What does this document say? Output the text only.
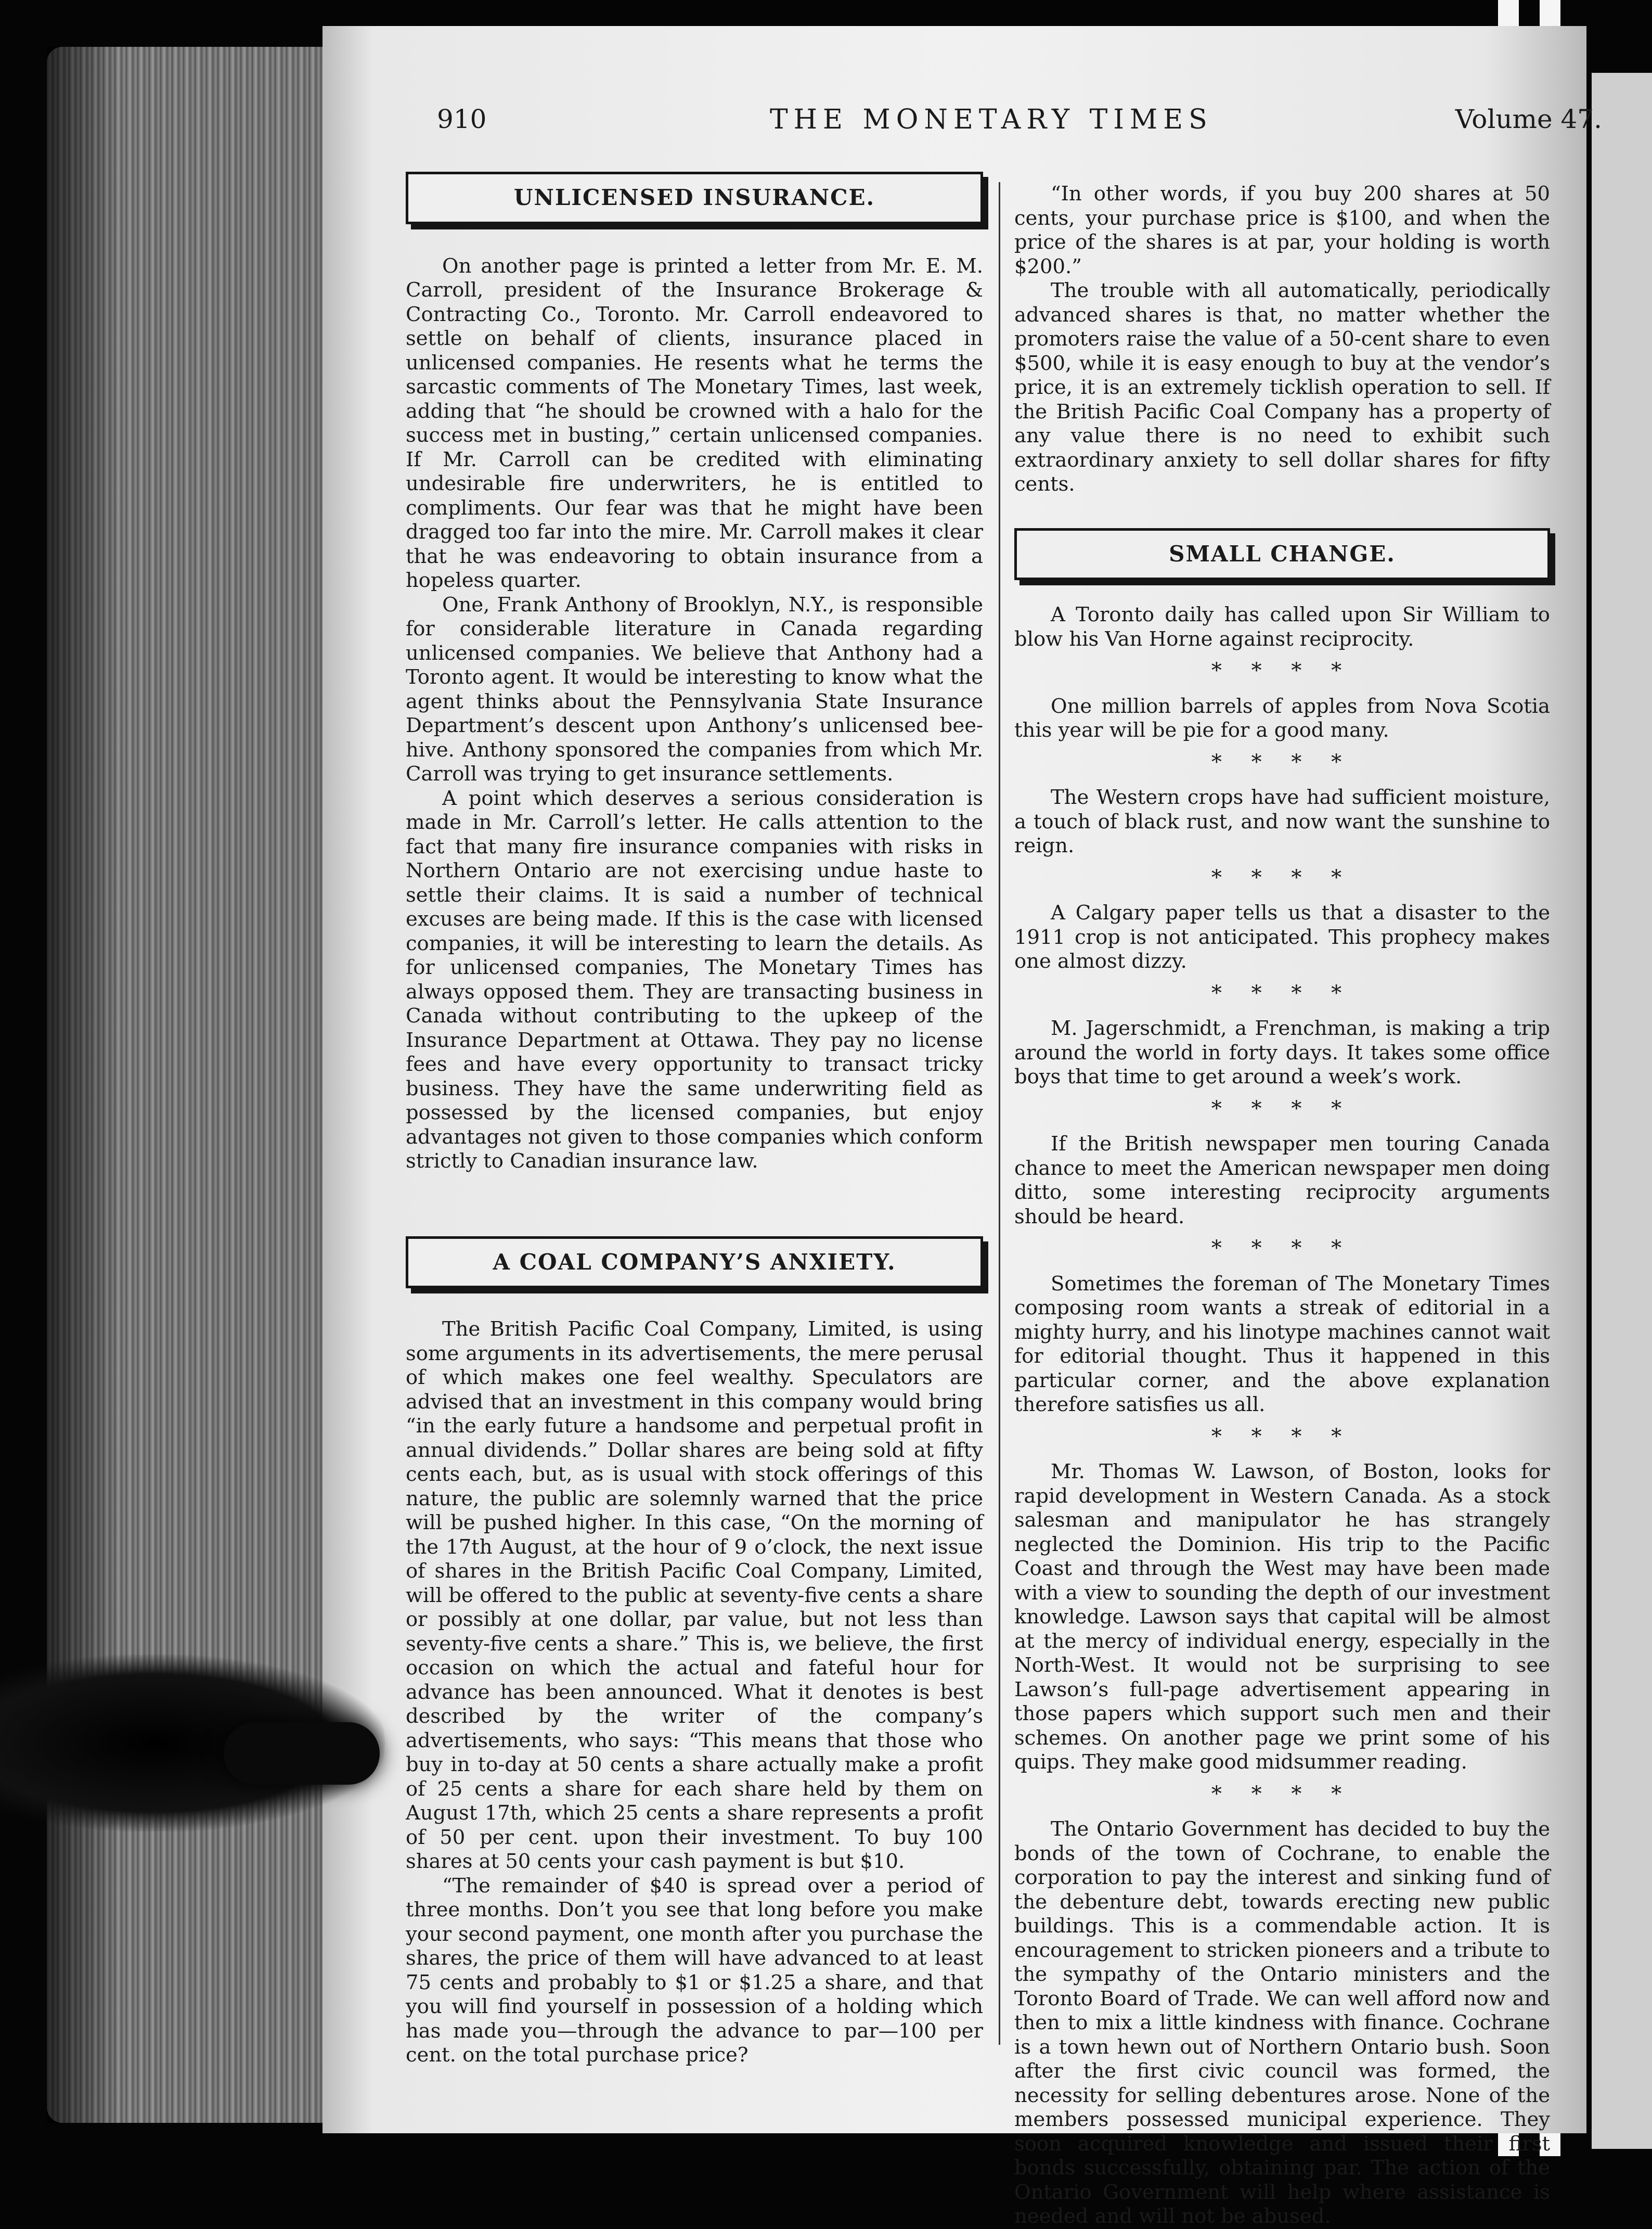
910	THE MONETARY TIMES	Volume 47.
UNLICENSED INSURANCE.

On another page is printed a letter from Mr. E. M. Carroll, president of the Insurance Brokerage & Contracting Co., Toronto. Mr. Carroll endeavored to settle on behalf of clients, insurance placed in unlicensed companies. He resents what he terms the sarcastic comments of The Monetary Times, last week, adding that “he should be crowned with a halo for the success met in busting,” certain unlicensed companies. If Mr. Carroll can be credited with eliminating undesirable fire underwriters, he is entitled to compliments. Our fear was that he might have been dragged too far into the mire. Mr. Carroll makes it clear that he was endeavoring to obtain insurance from a hopeless quarter.

One, Frank Anthony of Brooklyn, N.Y., is responsible for considerable literature in Canada regarding unlicensed companies. We believe that Anthony had a Toronto agent. It would be interesting to know what the agent thinks about the Pennsylvania State Insurance Department’s descent upon Anthony’s unlicensed bee-hive. Anthony sponsored the companies from which Mr. Carroll was trying to get insurance settlements.

A point which deserves a serious consideration is made in Mr. Carroll’s letter. He calls attention to the fact that many fire insurance companies with risks in Northern Ontario are not exercising undue haste to settle their claims. It is said a number of technical excuses are being made. If this is the case with licensed companies, it will be interesting to learn the details. As for unlicensed companies, The Monetary Times has always opposed them. They are transacting business in Canada without contributing to the upkeep of the Insurance Department at Ottawa. They pay no license fees and have every opportunity to transact tricky business. They have the same underwriting field as possessed by the licensed companies, but enjoy advantages not given to those companies which conform strictly to Canadian insurance law.

A COAL COMPANY’S ANXIETY.

The British Pacific Coal Company, Limited, is using some arguments in its advertisements, the mere perusal of which makes one feel wealthy. Speculators are advised that an investment in this company would bring “in the early future a handsome and perpetual profit in annual dividends.” Dollar shares are being sold at fifty cents each, but, as is usual with stock offerings of this nature, the public are solemnly warned that the price will be pushed higher. In this case, “On the morning of the 17th August, at the hour of 9 o’clock, the next issue of shares in the British Pacific Coal Company, Limited, will be offered to the public at seventy-five cents a share or possibly at one dollar, par value, but not less than seventy-five cents a share.” This is, we believe, the first occasion on which the actual and fateful hour for advance has been announced. What it denotes is best described by the writer of the company’s advertisements, who says: “This means that those who buy in to-day at 50 cents a share actually make a profit of 25 cents a share for each share held by them on August 17th, which 25 cents a share represents a profit of 50 per cent. upon their investment. To buy 100 shares at 50 cents your cash payment is but $10.

“The remainder of $40 is spread over a period of three months. Don’t you see that long before you make your second payment, one month after you purchase the shares, the price of them will have advanced to at least 75 cents and probably to $1 or $1.25 a share, and that you will find yourself in possession of a holding which has made you—through the advance to par—100 per cent. on the total purchase price?

“In other words, if you buy 200 shares at 50 cents, your purchase price is $100, and when the price of the shares is at par, your holding is worth $200.”

The trouble with all automatically, periodically advanced shares is that, no matter whether the promoters raise the value of a 50-cent share to even $500, while it is easy enough to buy at the vendor’s price, it is an extremely ticklish operation to sell. If the British Pacific Coal Company has a property of any value there is no need to exhibit such extraordinary anxiety to sell dollar shares for fifty cents.

SMALL CHANGE.

A Toronto daily has called upon Sir William to blow his Van Horne against reciprocity.

* * * *

One million barrels of apples from Nova Scotia this year will be pie for a good many.

* * * *

The Western crops have had sufficient moisture, a touch of black rust, and now want the sunshine to reign.

* * * *

A Calgary paper tells us that a disaster to the 1911 crop is not anticipated. This prophecy makes one almost dizzy.

* * * *

M. Jagerschmidt, a Frenchman, is making a trip around the world in forty days. It takes some office boys that time to get around a week’s work.

* * * *

If the British newspaper men touring Canada chance to meet the American newspaper men doing ditto, some interesting reciprocity arguments should be heard.

* * * *

Sometimes the foreman of The Monetary Times composing room wants a streak of editorial in a mighty hurry, and his linotype machines cannot wait for editorial thought. Thus it happened in this particular corner, and the above explanation therefore satisfies us all.

* * * *

Mr. Thomas W. Lawson, of Boston, looks for rapid development in Western Canada. As a stock salesman and manipulator he has strangely neglected the Dominion. His trip to the Pacific Coast and through the West may have been made with a view to sounding the depth of our investment knowledge. Lawson says that capital will be almost at the mercy of individual energy, especially in the North-West. It would not be surprising to see Lawson’s full-page advertisement appearing in those papers which support such men and their schemes. On another page we print some of his quips. They make good midsummer reading.

* * * *

The Ontario Government has decided to buy the bonds of the town of Cochrane, to enable the corporation to pay the interest and sinking fund of the debenture debt, towards erecting new public buildings. This is a commendable action. It is encouragement to stricken pioneers and a tribute to the sympathy of the Ontario ministers and the Toronto Board of Trade. We can well afford now and then to mix a little kindness with finance. Cochrane is a town hewn out of Northern Ontario bush. Soon after the first civic council was formed, the necessity for selling debentures arose. None of the members possessed municipal experience. They soon acquired knowledge and issued their first bonds successfully, obtaining par. The action of the Ontario Government will help where assistance is needed and will not be abused.
